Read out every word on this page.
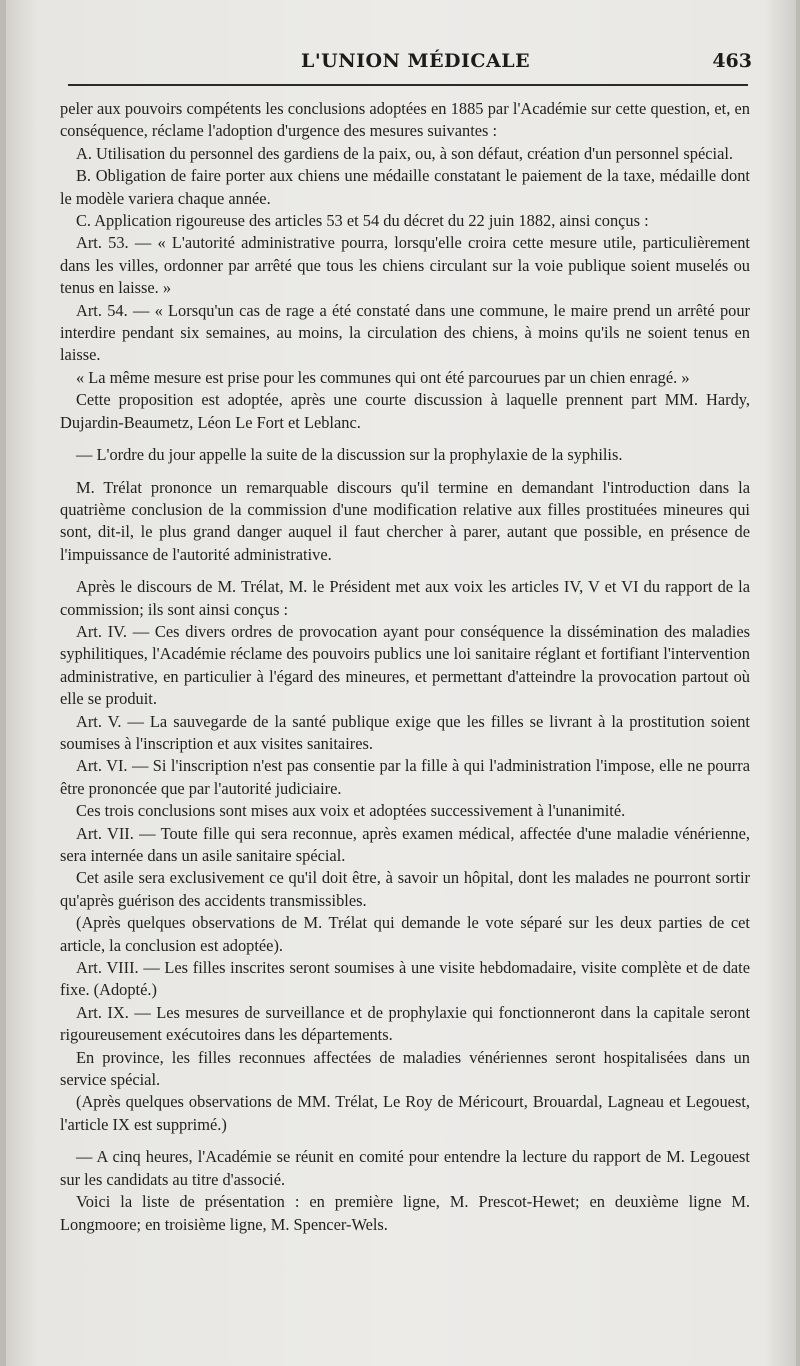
L'UNION MÉDICALE	463

peler aux pouvoirs compétents les conclusions adoptées en 1885 par l'Académie sur cette question, et, en conséquence, réclame l'adoption d'urgence des mesures suivantes :

A. Utilisation du personnel des gardiens de la paix, ou, à son défaut, création d'un personnel spécial.

B. Obligation de faire porter aux chiens une médaille constatant le paiement de la taxe, médaille dont le modèle variera chaque année.

C. Application rigoureuse des articles 53 et 54 du décret du 22 juin 1882, ainsi conçus :

Art. 53. — « L'autorité administrative pourra, lorsqu'elle croira cette mesure utile, particulièrement dans les villes, ordonner par arrêté que tous les chiens circulant sur la voie publique soient muselés ou tenus en laisse. »

Art. 54. — « Lorsqu'un cas de rage a été constaté dans une commune, le maire prend un arrêté pour interdire pendant six semaines, au moins, la circulation des chiens, à moins qu'ils ne soient tenus en laisse.

« La même mesure est prise pour les communes qui ont été parcourues par un chien enragé. »

Cette proposition est adoptée, après une courte discussion à laquelle prennent part MM. Hardy, Dujardin-Beaumetz, Léon Le Fort et Leblanc.

— L'ordre du jour appelle la suite de la discussion sur la prophylaxie de la syphilis.

M. Trélat prononce un remarquable discours qu'il termine en demandant l'introduction dans la quatrième conclusion de la commission d'une modification relative aux filles prostituées mineures qui sont, dit-il, le plus grand danger auquel il faut chercher à parer, autant que possible, en présence de l'impuissance de l'autorité administrative.

Après le discours de M. Trélat, M. le Président met aux voix les articles IV, V et VI du rapport de la commission; ils sont ainsi conçus :

Art. IV. — Ces divers ordres de provocation ayant pour conséquence la dissémination des maladies syphilitiques, l'Académie réclame des pouvoirs publics une loi sanitaire réglant et fortifiant l'intervention administrative, en particulier à l'égard des mineures, et permettant d'atteindre la provocation partout où elle se produit.

Art. V. — La sauvegarde de la santé publique exige que les filles se livrant à la prostitution soient soumises à l'inscription et aux visites sanitaires.

Art. VI. — Si l'inscription n'est pas consentie par la fille à qui l'administration l'impose, elle ne pourra être prononcée que par l'autorité judiciaire.

Ces trois conclusions sont mises aux voix et adoptées successivement à l'unanimité.

Art. VII. — Toute fille qui sera reconnue, après examen médical, affectée d'une maladie vénérienne, sera internée dans un asile sanitaire spécial.

Cet asile sera exclusivement ce qu'il doit être, à savoir un hôpital, dont les malades ne pourront sortir qu'après guérison des accidents transmissibles.

(Après quelques observations de M. Trélat qui demande le vote séparé sur les deux parties de cet article, la conclusion est adoptée).

Art. VIII. — Les filles inscrites seront soumises à une visite hebdomadaire, visite complète et de date fixe. (Adopté.)

Art. IX. — Les mesures de surveillance et de prophylaxie qui fonctionneront dans la capitale seront rigoureusement exécutoires dans les départements.

En province, les filles reconnues affectées de maladies vénériennes seront hospitalisées dans un service spécial.

(Après quelques observations de MM. Trélat, Le Roy de Méricourt, Brouardal, Lagneau et Legouest, l'article IX est supprimé.)

— A cinq heures, l'Académie se réunit en comité pour entendre la lecture du rapport de M. Legouest sur les candidats au titre d'associé.

Voici la liste de présentation : en première ligne, M. Prescot-Hewet; en deuxième ligne M. Longmoore; en troisième ligne, M. Spencer-Wels.
